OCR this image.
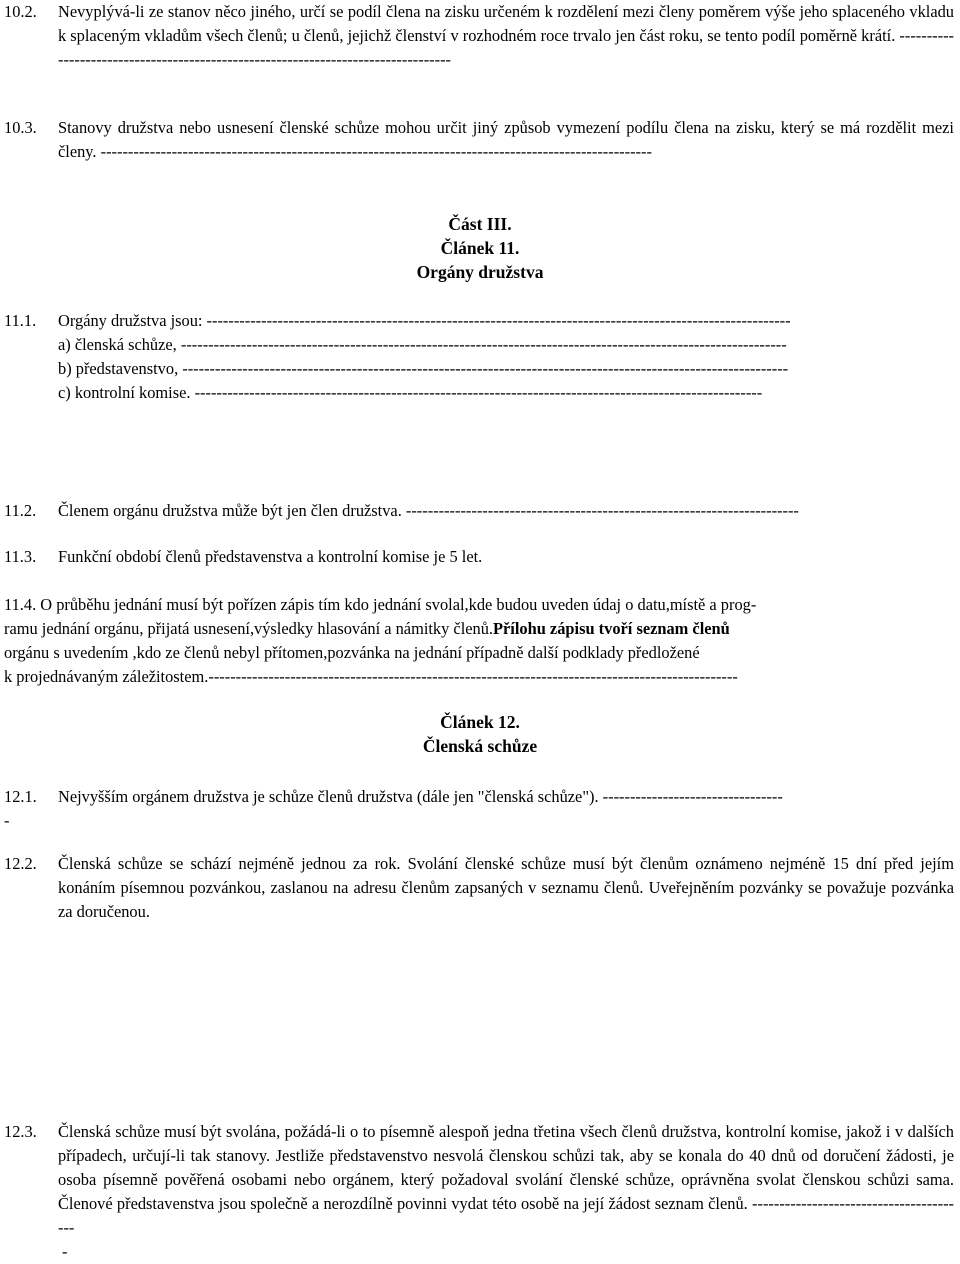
10.2. Nevyplývá-li ze stanov něco jiného, určí se podíl člena na zisku určeném k rozdělení mezi členy poměrem výše jeho splaceného vkladu k splaceným vkladům všech členů; u členů, jejichž členství v rozhodném roce trvalo jen část roku, se tento podíl poměrně krátí. ----------------------------------------------------------------------------------
10.3. Stanovy družstva nebo usnesení členské schůze mohou určit jiný způsob vymezení podílu člena na zisku, který se má rozdělit mezi členy. -----------------------------------------------------------------------------------------------------
Část III.
Článek 11.
Orgány družstva
11.1. Orgány družstva jsou: -----------------------------------------------------------------------------------------------------------
a) členská schůze, ---------------------------------------------------------------------------------------------------------------
b) představenstvo, ---------------------------------------------------------------------------------------------------------------
c) kontrolní komise. --------------------------------------------------------------------------------------------------------
11.2. Členem orgánu družstva může být jen člen družstva. ------------------------------------------------------------------------
11.3. Funkční období členů představenstva a kontrolní komise je 5 let.
11.4. O průběhu jednání musí být pořízen zápis tím kdo jednání svolal,kde budou uveden údaj o datu,místě a prog-
ramu jednání orgánu, přijatá usnesení,výsledky hlasování a námitky členů.Přílohu zápisu tvoří seznam členů
orgánu s uvedením ,kdo ze členů nebyl přítomen,pozvánka na jednání případně další podklady předložené
k projednávaným záležitostem.-------------------------------------------------------------------------------------------------
Článek 12.
Členská schůze
12.1. Nejvyšším orgánem družstva je schůze členů družstva (dále jen "členská schůze"). ---------------------------------
-
12.2. Členská schůze se schází nejméně jednou za rok. Svolání členské schůze musí být členům oznámeno nejméně 15 dní před jejím konáním písemnou pozvánkou, zaslanou na adresu členům zapsaných v seznamu členů. Uveřejněním pozvánky se považuje pozvánka za doručenou.
12.3. Členská schůze musí být svolána, požádá-li o to písemně alespoň jedna třetina všech členů družstva, kontrolní komise, jakož i v dalších případech, určují-li tak stanovy. Jestliže představenstvo nesvolá členskou schůzi tak, aby se konala do 40 dnů od doručení žádosti, je osoba písemně pověřená osobami nebo orgánem, který požadoval svolání členské schůze, oprávněna svolat členskou schůzi sama. Členové představenstva jsou společně a nerozdílně povinni vydat této osobě na její žádost seznam členů. ----------------------------------------
-
